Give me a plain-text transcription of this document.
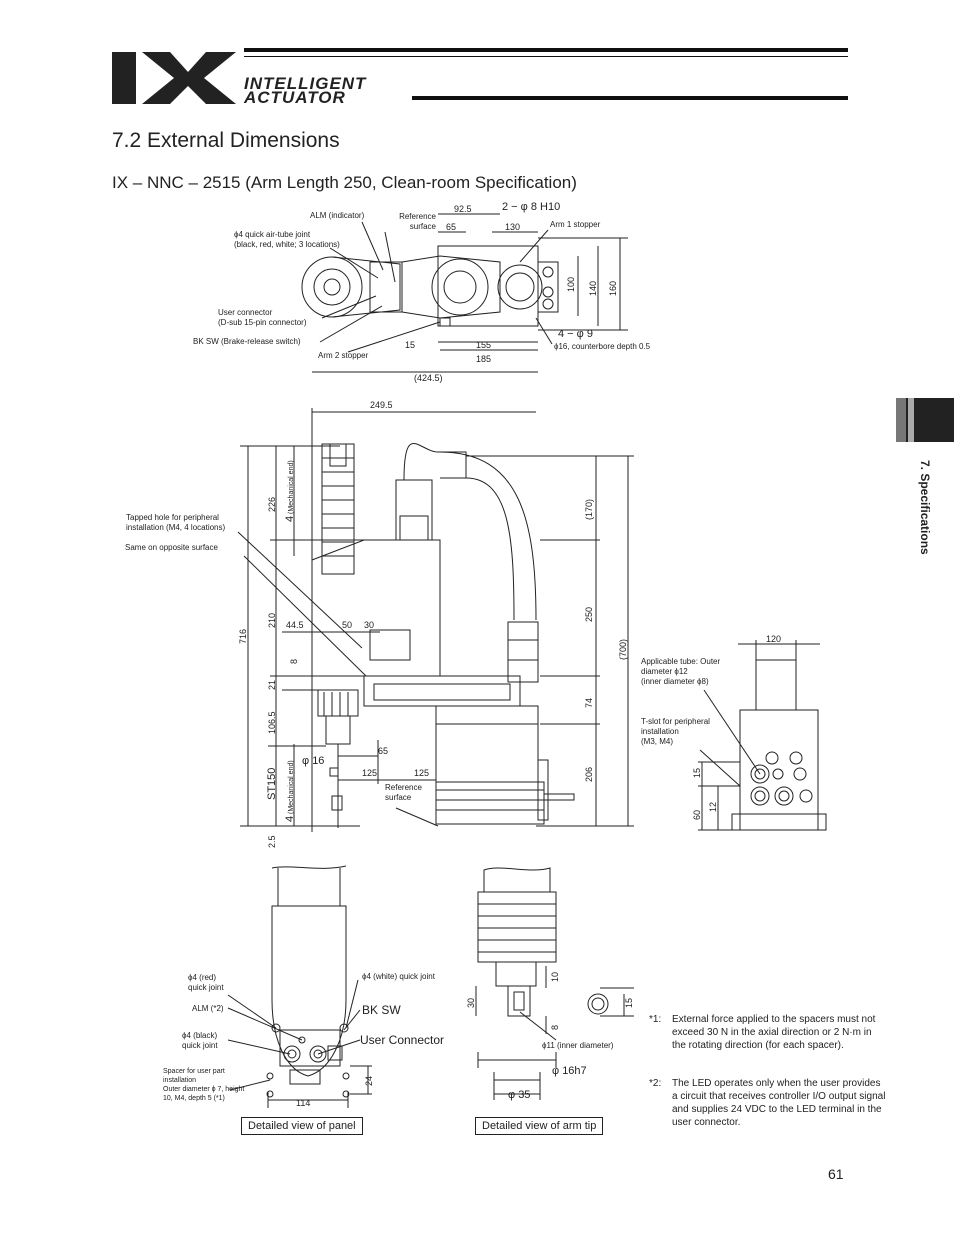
INTELLIGENT
ACTUATOR
7.2 External Dimensions
IX – NNC – 2515 (Arm Length 250, Clean-room Specification)
7. Specifications
92.5	2 − φ 8 H10
65	130
4 − φ 9
15	155
185
(424.5)
100 140 160
249.5
226
210
716
21
106.5
ST150
2.5
8
44.5	50 30
65
125	125
φ 16
(170)
250
74
206
(700)
4
4
(Mechanical end)
(Mechanical end)
120
15
60
12
BK SW
User Connector
114
24
30
10
8
15
φ 16h7
φ 35
ALM (indicator)	Reference
surface
ϕ4 quick air-tube joint
(black, red, white; 3 locations)
User connector
(D-sub 15-pin connector)
BK SW (Brake-release switch)
Arm 2 stopper
Arm 1 stopper
ϕ16, counterbore depth 0.5
Tapped hole for peripheral
installation (M4, 4 locations)
Same on opposite surface
Reference
surface
Applicable tube: Outer
diameter ϕ12
(inner diameter ϕ8)
T-slot for peripheral
installation
(M3, M4)
ϕ4 (red)
quick joint
ϕ4 (white) quick joint
ALM (*2)
ϕ4 (black)
quick joint
Spacer for user part
installation
Outer diameter ϕ 7, height
10, M4, depth 5 (*1)
ϕ11 (inner diameter)
Detailed view of panel	Detailed view of arm tip
*1: External force applied to the spacers must not exceed 30 N in the axial direction or 2 N·m in the rotating direction (for each spacer).
*2: The LED operates only when the user provides a circuit that receives controller I/O output signal and supplies 24 VDC to the LED terminal in the user connector.
61
